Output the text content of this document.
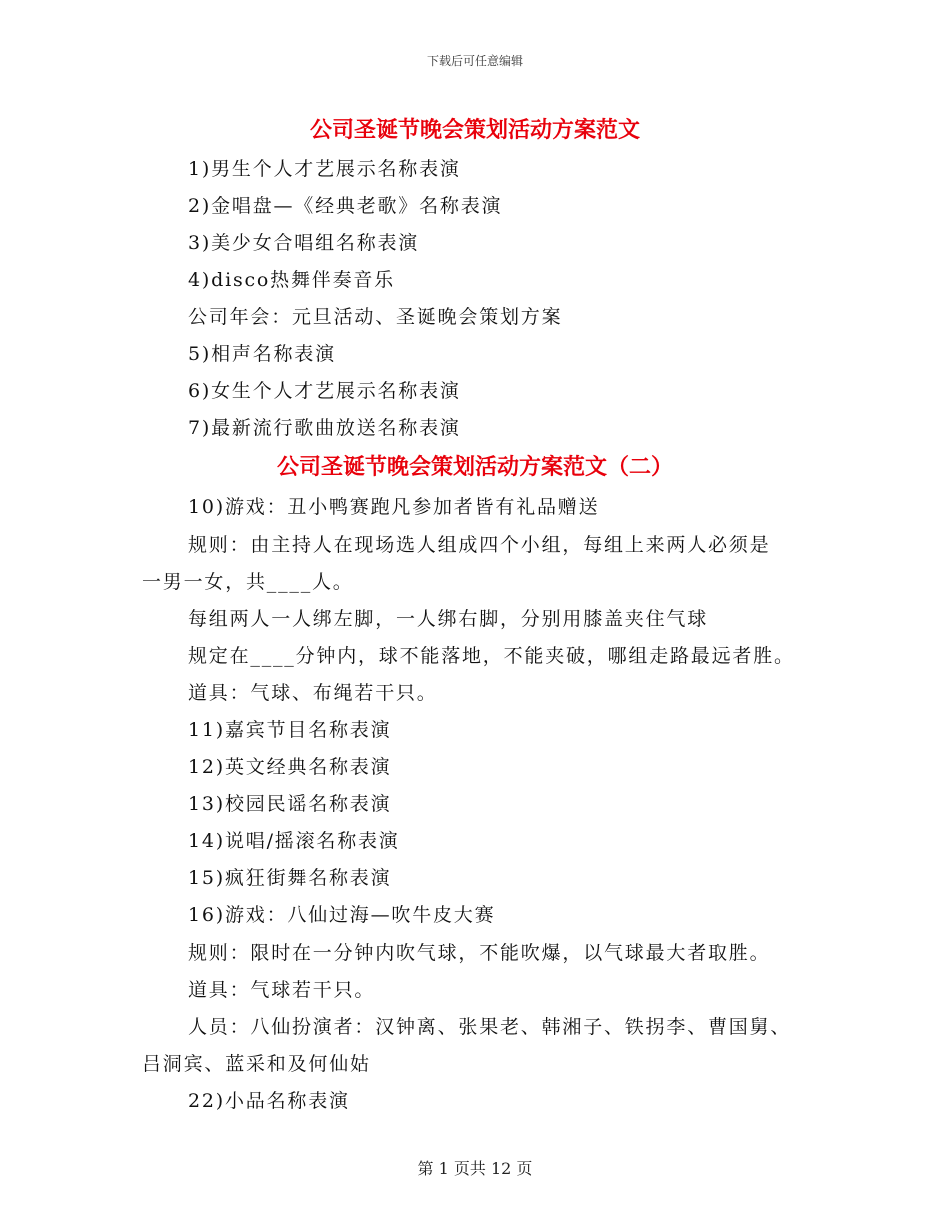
下载后可任意编辑
公司圣诞节晚会策划活动方案范文
1)男生个人才艺展示名称表演
2)金唱盘—《经典老歌》名称表演
3)美少女合唱组名称表演
4)disco热舞伴奏音乐
公司年会：元旦活动、圣诞晚会策划方案
5)相声名称表演
6)女生个人才艺展示名称表演
7)最新流行歌曲放送名称表演
公司圣诞节晚会策划活动方案范文（二）
10)游戏：丑小鸭赛跑凡参加者皆有礼品赠送
规则：由主持人在现场选人组成四个小组，每组上来两人必须是
一男一女，共____人。
每组两人一人绑左脚，一人绑右脚，分别用膝盖夹住气球
规定在____分钟内，球不能落地，不能夹破，哪组走路最远者胜。
道具：气球、布绳若干只。
11)嘉宾节目名称表演
12)英文经典名称表演
13)校园民谣名称表演
14)说唱/摇滚名称表演
15)疯狂街舞名称表演
16)游戏：八仙过海—吹牛皮大赛
规则：限时在一分钟内吹气球，不能吹爆，以气球最大者取胜。
道具：气球若干只。
人员：八仙扮演者：汉钟离、张果老、韩湘子、铁拐李、曹国舅、
吕洞宾、蓝采和及何仙姑
22)小品名称表演
第 1 页共 12 页
